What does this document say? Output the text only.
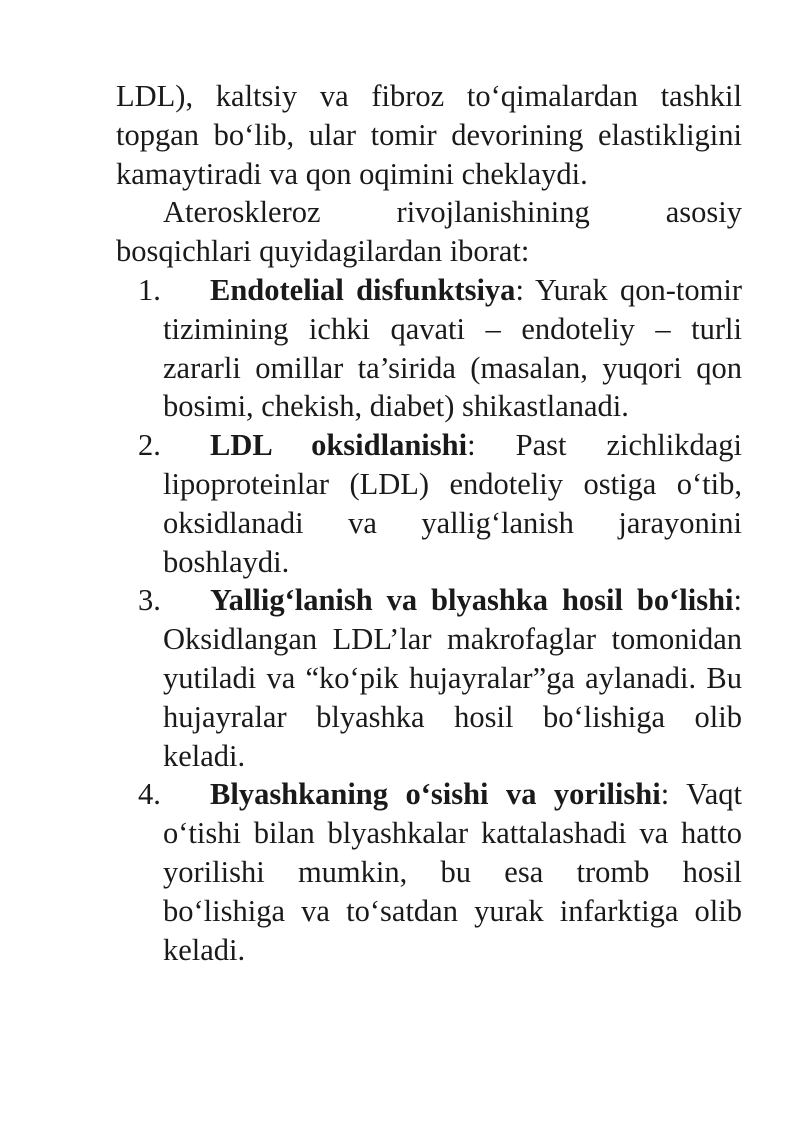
LDL), kaltsiy va fibroz to‘qimalardan tashkil topgan bo‘lib, ular tomir devorining elastikligini kamaytiradi va qon oqimini cheklaydi.

Ateroskleroz rivojlanishining asosiy bosqichlari quyidagilardan iborat:

1. Endotelial disfunktsiya: Yurak qon-tomir tizimining ichki qavati – endoteliy – turli zararli omillar ta’sirida (masalan, yuqori qon bosimi, chekish, diabet) shikastlanadi.
2. LDL oksidlanishi: Past zichlikdagi lipoproteinlar (LDL) endoteliy ostiga o‘tib, oksidlanadi va yallig‘lanish jarayonini boshlaydi.
3. Yallig‘lanish va blyashka hosil bo‘lishi: Oksidlangan LDL’lar makrofaglar tomonidan yutiladi va “ko‘pik hujayralar”ga aylanadi. Bu hujayralar blyashka hosil bo‘lishiga olib keladi.
4. Blyashkaning o‘sishi va yorilishi: Vaqt o‘tishi bilan blyashkalar kattalashadi va hatto yorilishi mumkin, bu esa tromb hosil bo‘lishiga va to‘satdan yurak infarktiga olib keladi.
